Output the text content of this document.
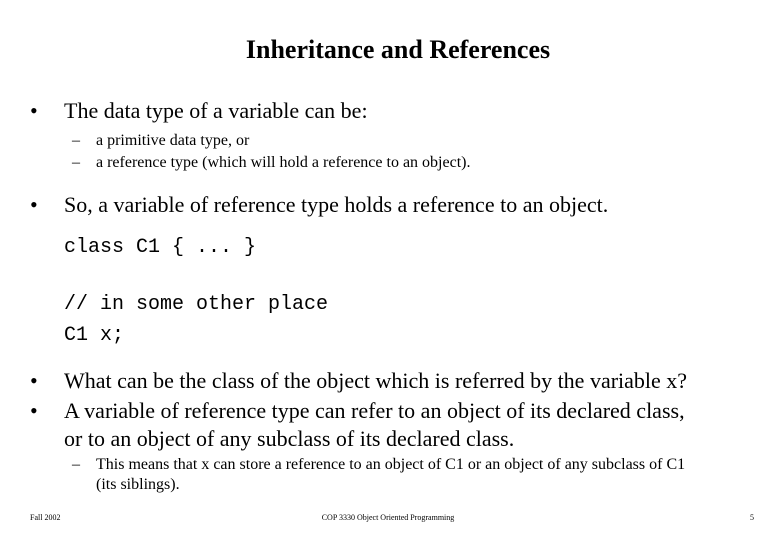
Inheritance and References
• The data type of a variable can be:
– a primitive data type, or
– a reference type (which will hold a reference to an object).
• So, a variable of reference type holds a reference to an object.
class C1 { ... }
// in some other place
C1 x;
• What can be the class of the object which is referred by the variable x?
• A variable of reference type can refer to an object of its declared class,
or to an object of any subclass of its declared class.
– This means that x can store a reference to an object of C1 or an object of any subclass of C1
(its siblings).
Fall 2002	COP 3330 Object Oriented Programming	5
